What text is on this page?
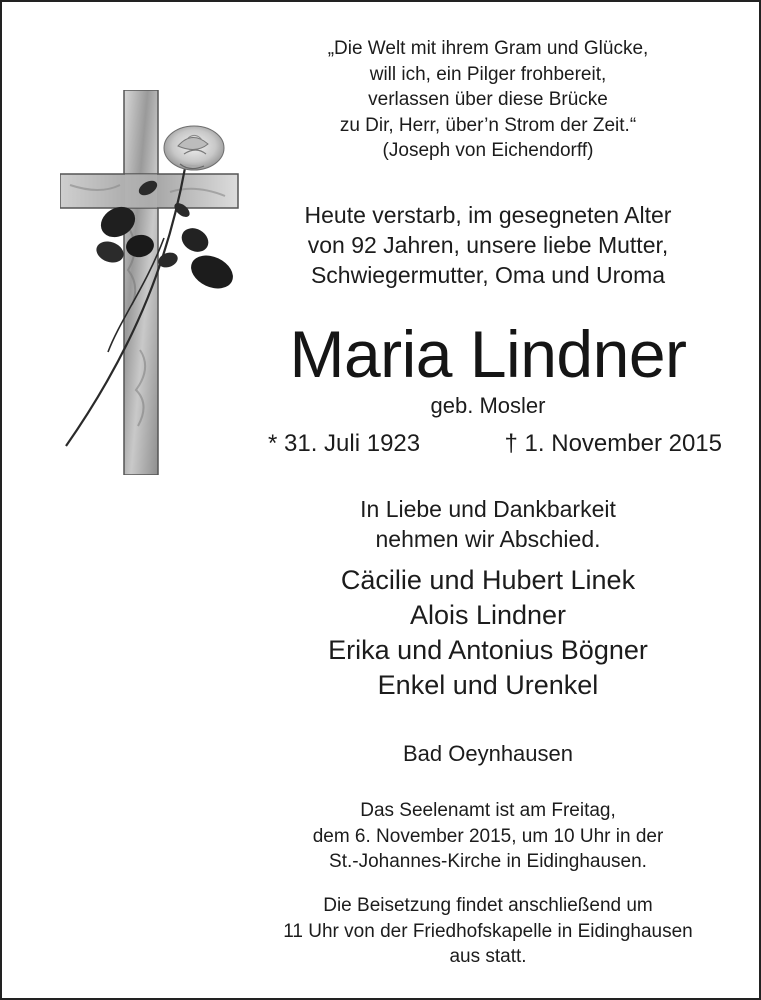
„Die Welt mit ihrem Gram und Glücke,
will ich, ein Pilger frohbereit,
verlassen über diese Brücke
zu Dir, Herr, über’n Strom der Zeit.“
(Joseph von Eichendorff)
Heute verstarb, im gesegneten Alter
von 92 Jahren, unsere liebe Mutter,
Schwiegermutter, Oma und Uroma
Maria Lindner
geb. Mosler
* 31. Juli 1923	† 1. November 2015
In Liebe und Dankbarkeit
nehmen wir Abschied.
Cäcilie und Hubert Linek
Alois Lindner
Erika und Antonius Bögner
Enkel und Urenkel
Bad Oeynhausen
Das Seelenamt ist am Freitag,
dem 6. November 2015, um 10 Uhr in der
St.-Johannes-Kirche in Eidinghausen.
Die Beisetzung findet anschließend um
11 Uhr von der Friedhofskapelle in Eidinghausen
aus statt.
